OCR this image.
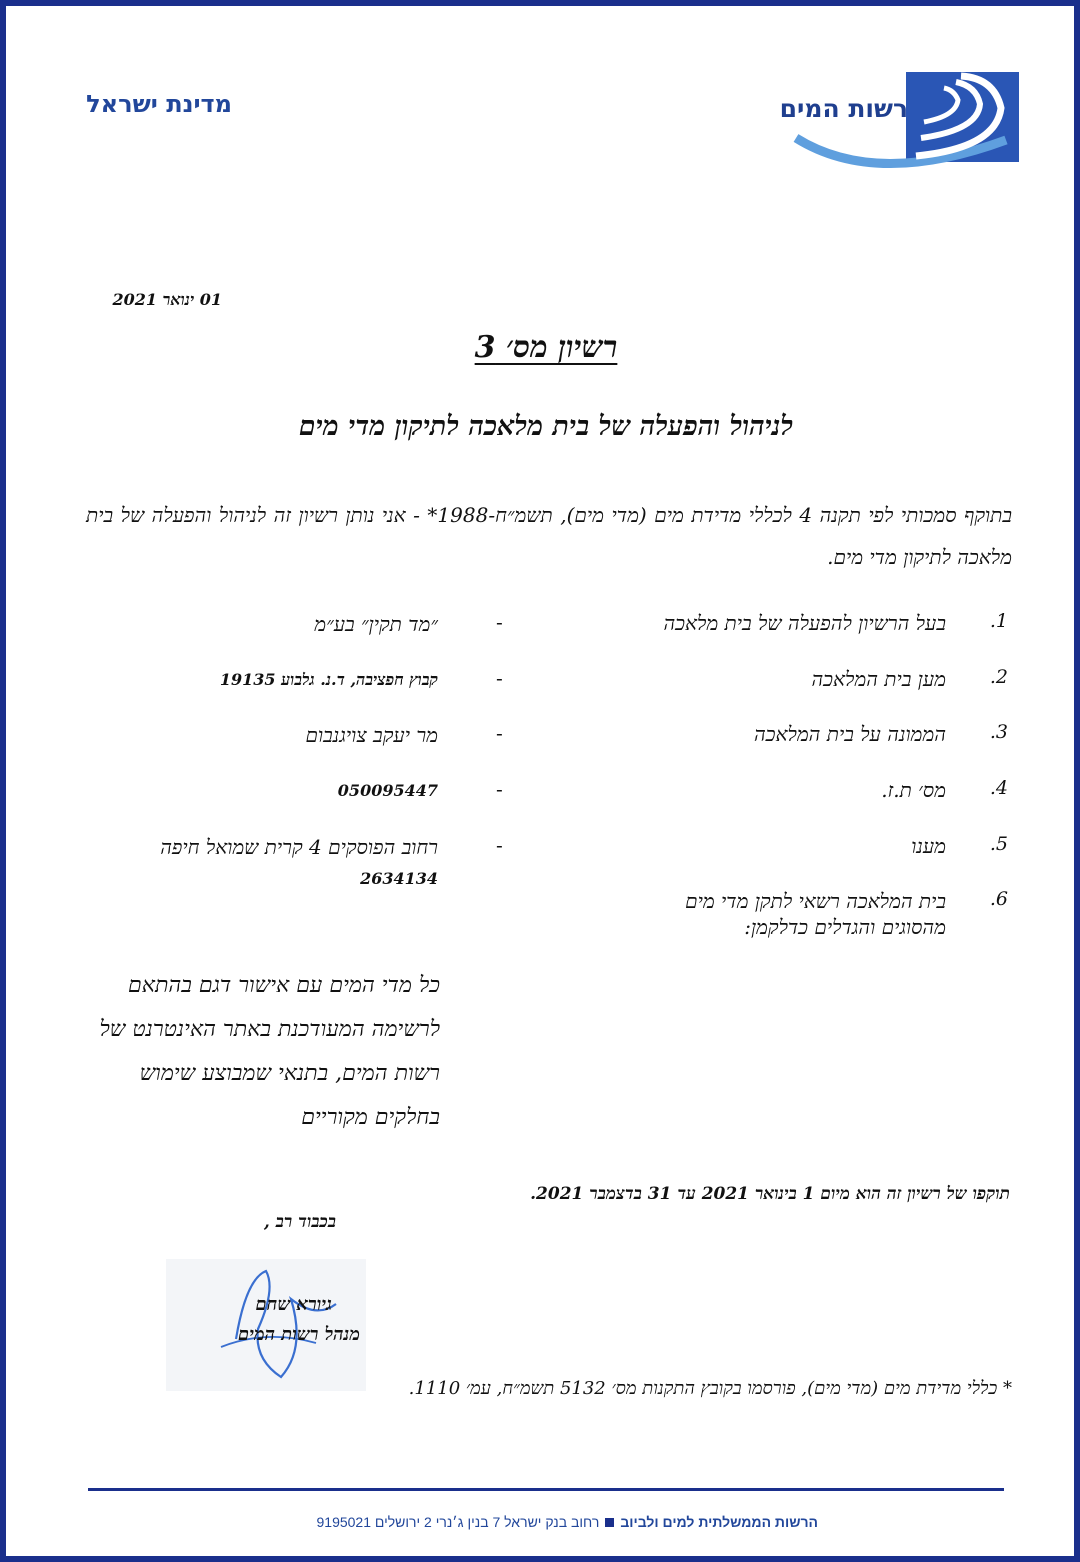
מדינת ישראל	רשות המים
01 ינואר 2021
רשיון מס׳ 3
לניהול והפעלה של בית מלאכה לתיקון מדי מים
בתוקף סמכותי לפי תקנה 4 לכללי מדידת מים (מדי מים), תשמ״ח-1988* - אני נותן רשיון זה לניהול והפעלה של בית מלאכה לתיקון מדי מים.
1.
בעל הרשיון להפעלה של בית מלאכה
-
״מד תקין״ בע״מ
2.
מען בית המלאכה
-
קבוץ חפציבה, ד.נ. גלבוע 19135
3.
הממונה על בית המלאכה
-
מר יעקב צויגנבום
4.
מס׳ ת.ז.
-
050095447
5.
מענו
-
רחוב הפוסקים 4 קרית שמואל חיפה
2634134
6.
בית המלאכה רשאי לתקן מדי מים מהסוגים והגדלים כדלקמן:
כל מדי המים עם אישור דגם בהתאם לרשימה המעודכנת באתר האינטרנט של רשות המים, בתנאי שמבוצע שימוש בחלקים מקוריים
תוקפו של רשיון זה הוא מיום 1 בינואר 2021 עד 31 בדצמבר 2021.
בכבוד רב ,
גיורא שחם
מנהל רשות המים
* כללי מדידת מים (מדי מים), פורסמו בקובץ התקנות מס׳ 5132 תשמ״ח, עמ׳ 1110.
הרשות הממשלתית למים ולביוברחוב בנק ישראל 7 בנין ג׳נרי 2 ירושלים 9195021
